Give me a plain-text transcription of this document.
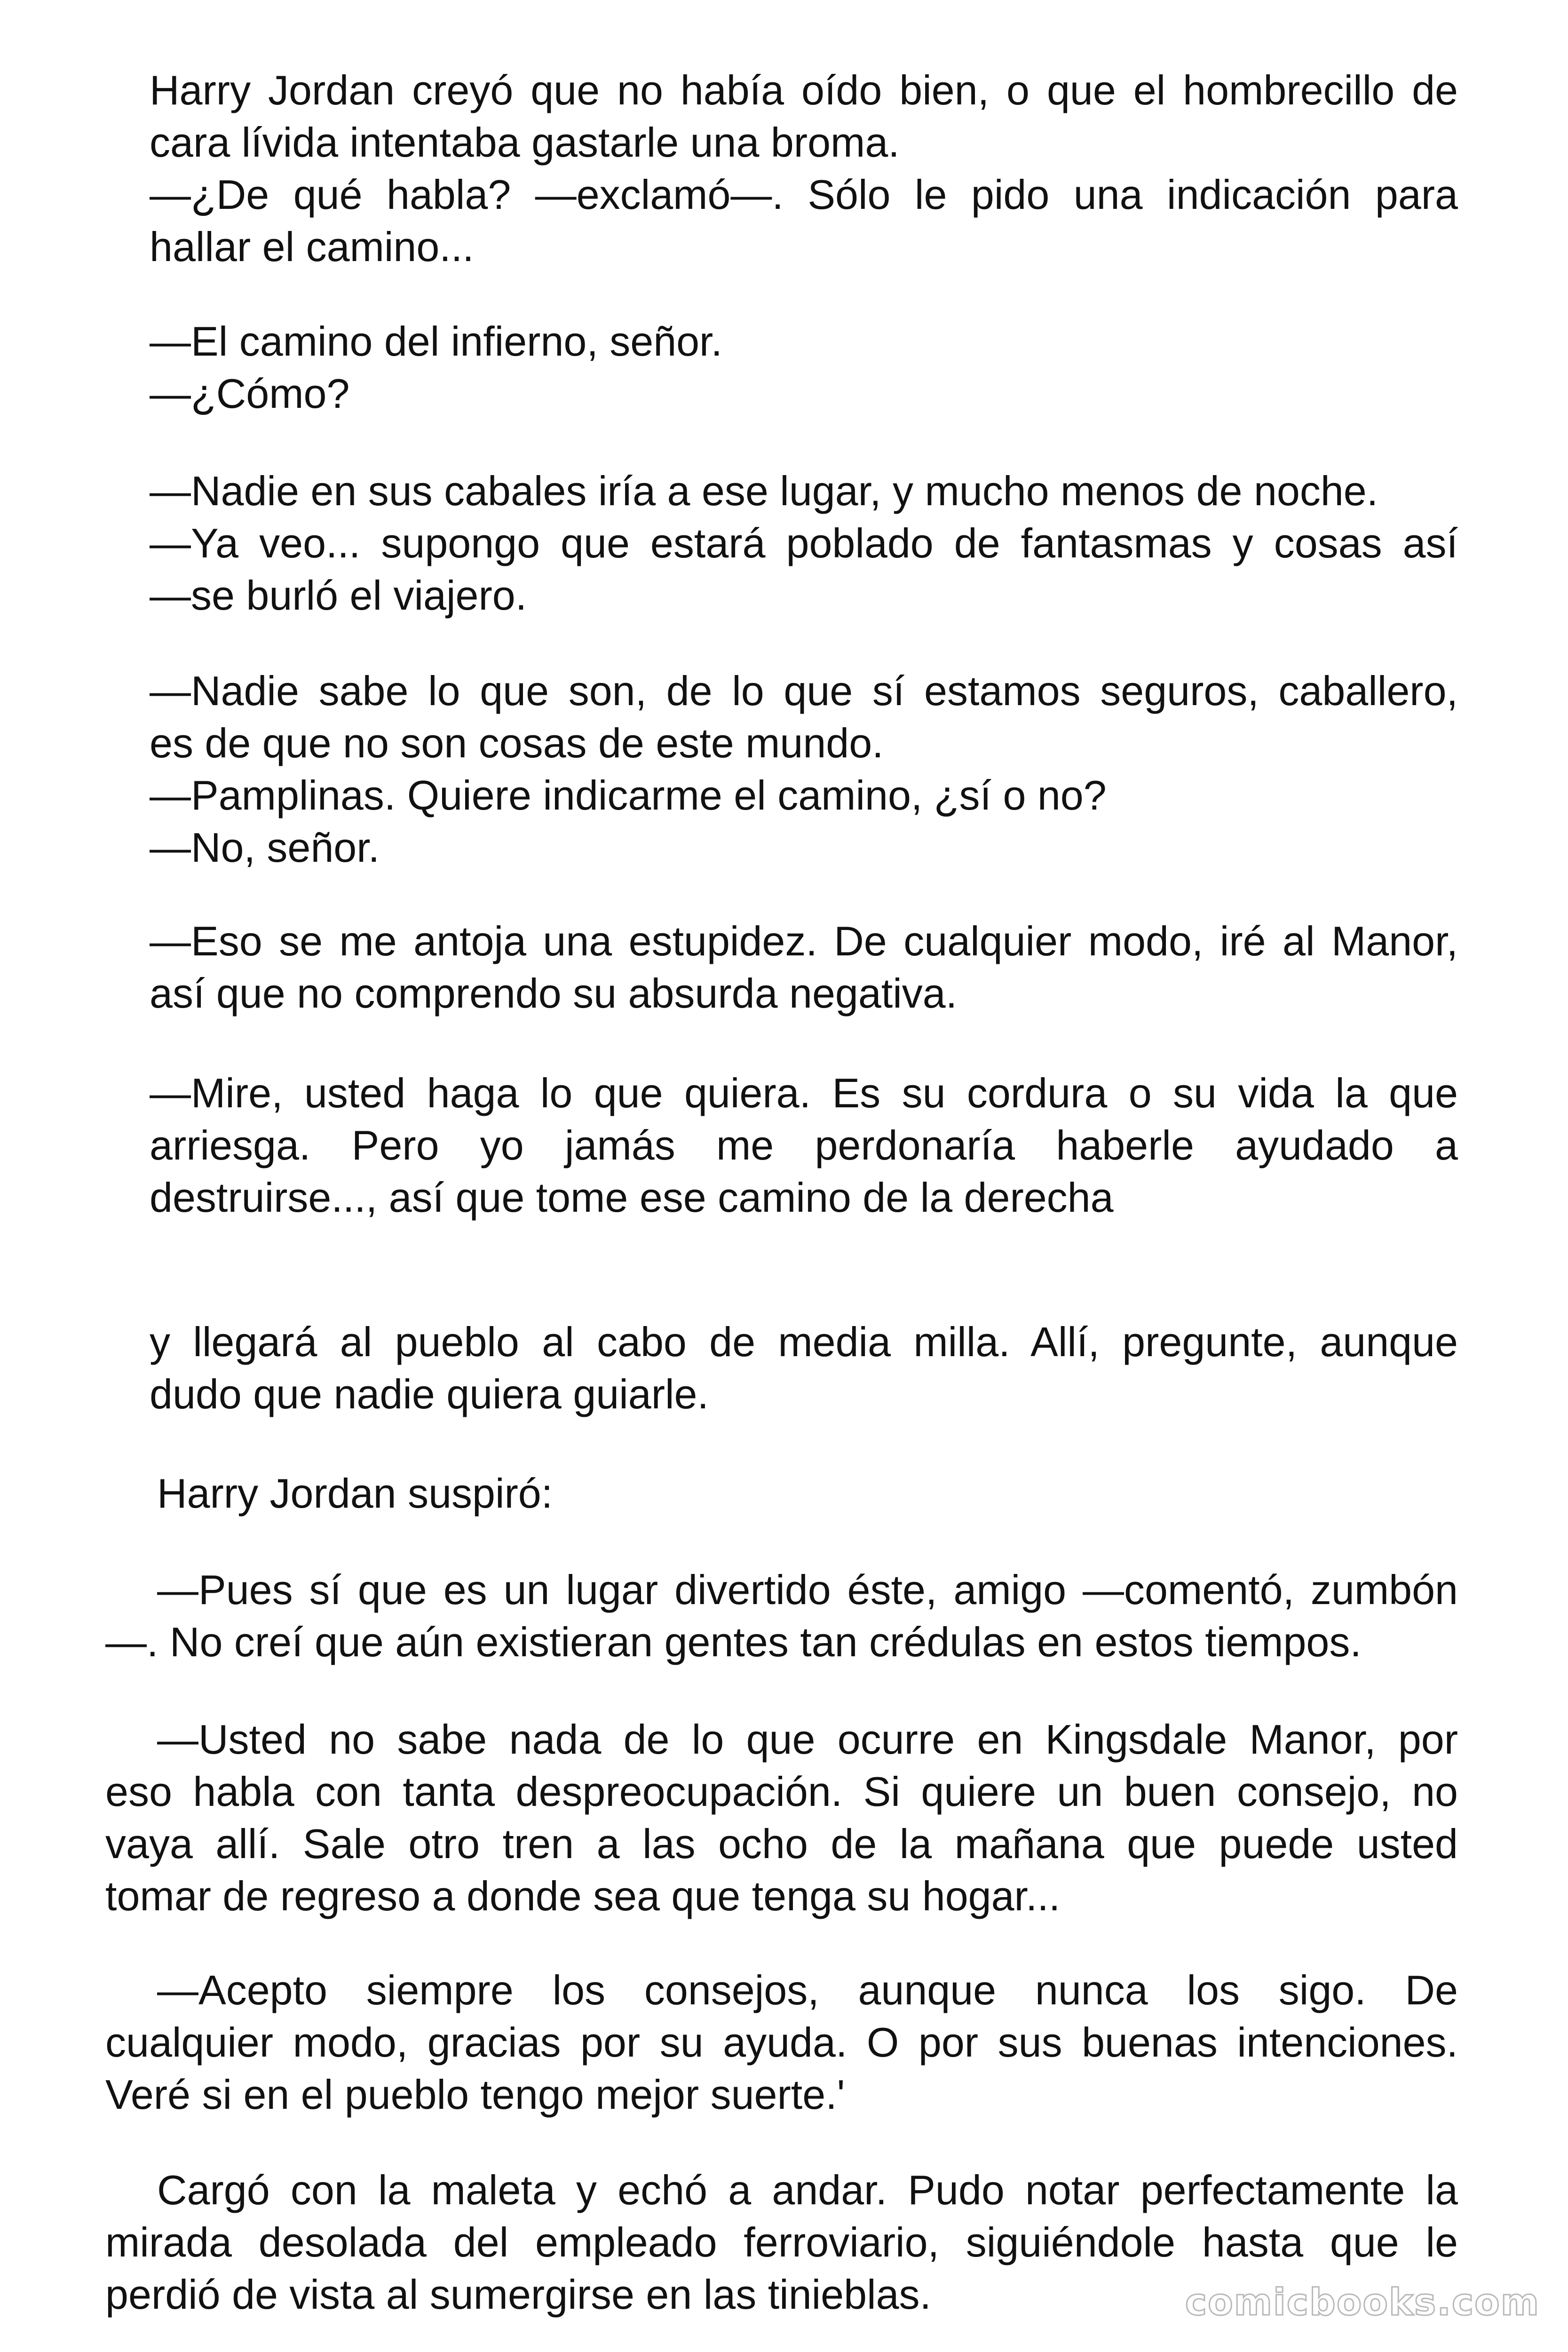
Harry Jordan creyó que no había oído bien, o que el hombrecillo de
cara lívida intentaba gastarle una broma.
—¿De qué habla? —exclamó—. Sólo le pido una indicación para
hallar el camino...
—El camino del infierno, señor.
—¿Cómo?
—Nadie en sus cabales iría a ese lugar, y mucho menos de noche.
—Ya veo... supongo que estará poblado de fantasmas y cosas así
—se burló el viajero.
—Nadie sabe lo que son, de lo que sí estamos seguros, caballero,
es de que no son cosas de este mundo.
—Pamplinas. Quiere indicarme el camino, ¿sí o no?
—No, señor.
—Eso se me antoja una estupidez. De cualquier modo, iré al Manor,
así que no comprendo su absurda negativa.
—Mire, usted haga lo que quiera. Es su cordura o su vida la que
arriesga. Pero yo jamás me perdonaría haberle ayudado a
destruirse..., así que tome ese camino de la derecha
y llegará al pueblo al cabo de media milla. Allí, pregunte, aunque
dudo que nadie quiera guiarle.
Harry Jordan suspiró:
—Pues sí que es un lugar divertido éste, amigo —comentó, zumbón
—. No creí que aún existieran gentes tan crédulas en estos tiempos.
—Usted no sabe nada de lo que ocurre en Kingsdale Manor, por
eso habla con tanta despreocupación. Si quiere un buen consejo, no
vaya allí. Sale otro tren a las ocho de la mañana que puede usted
tomar de regreso a donde sea que tenga su hogar...
—Acepto siempre los consejos, aunque nunca los sigo. De
cualquier modo, gracias por su ayuda. O por sus buenas intenciones.
Veré si en el pueblo tengo mejor suerte.'
Cargó con la maleta y echó a andar. Pudo notar perfectamente la
mirada desolada del empleado ferroviario, siguiéndole hasta que le
perdió de vista al sumergirse en las tinieblas.	comicbooks.com
